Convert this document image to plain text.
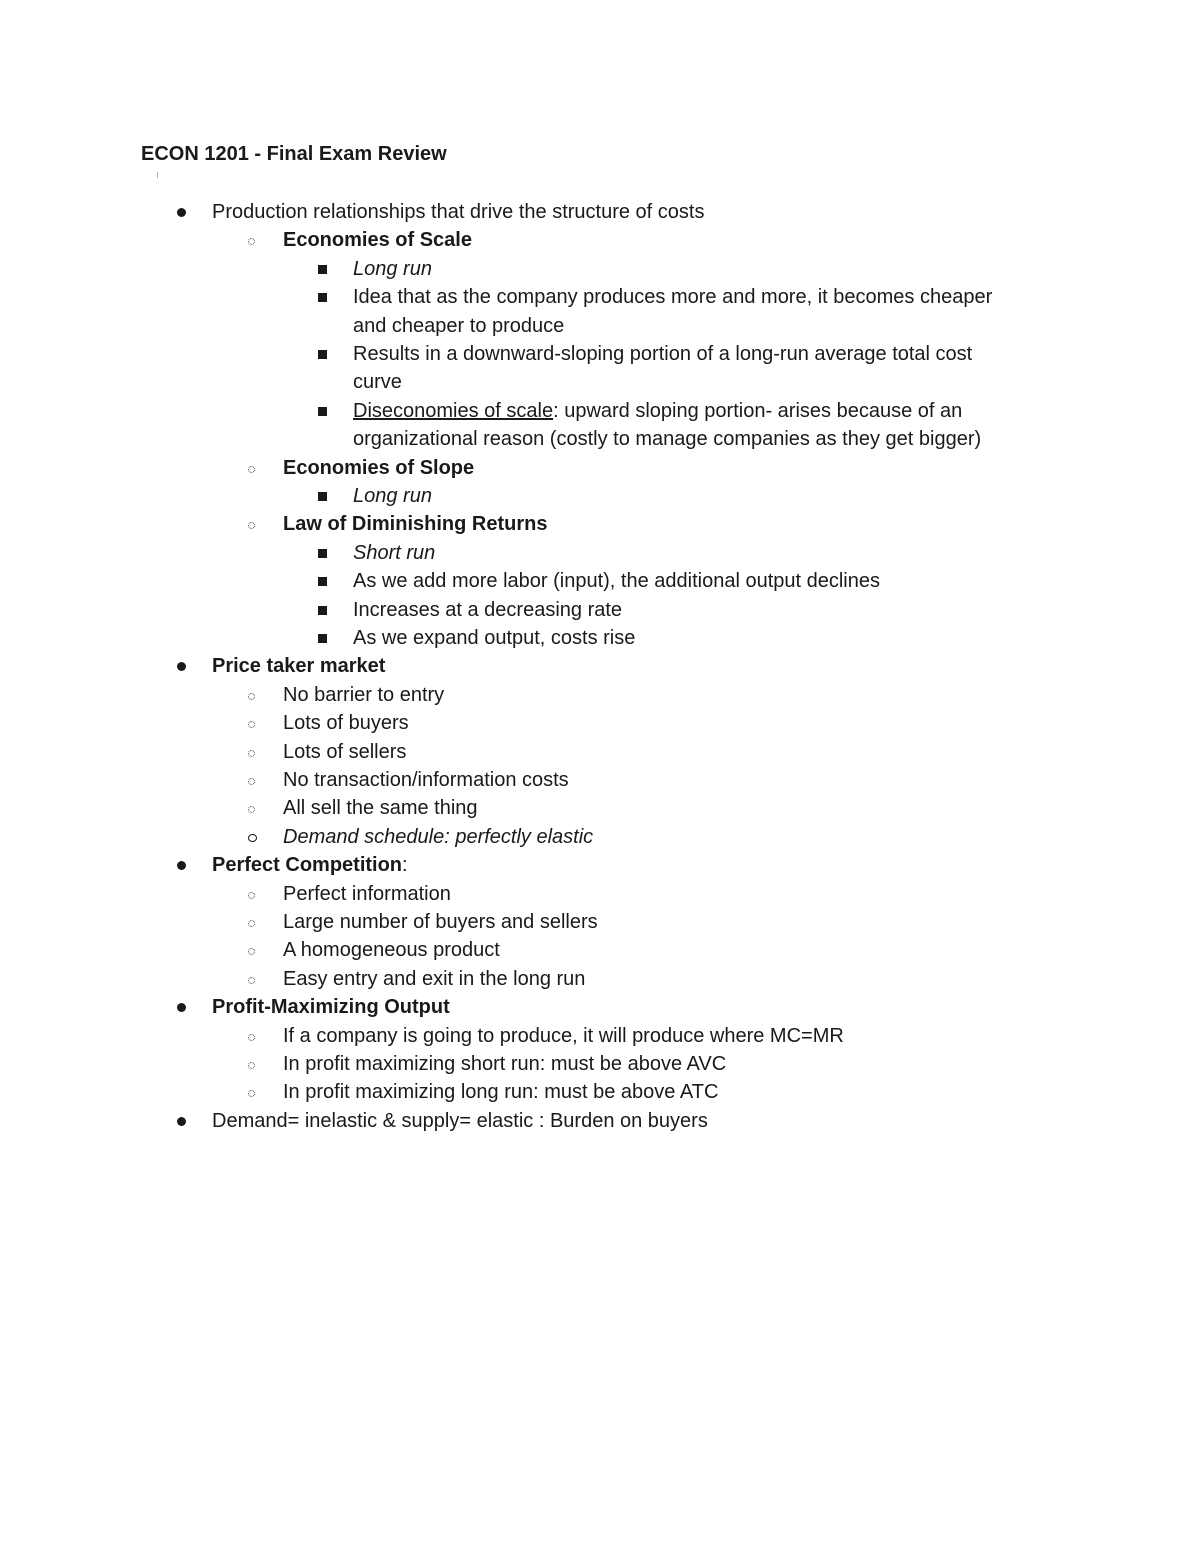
ECON 1201 - Final Exam Review
Production relationships that drive the structure of costs
Economies of Scale
Long run
Idea that as the company produces more and more, it becomes cheaper
and cheaper to produce
Results in a downward-sloping portion of a long-run average total cost
curve
Diseconomies of scale: upward sloping portion- arises because of an
organizational reason (costly to manage companies as they get bigger)
Economies of Slope
Long run
Law of Diminishing Returns
Short run
As we add more labor (input), the additional output declines
Increases at a decreasing rate
As we expand output, costs rise
Price taker market
No barrier to entry
Lots of buyers
Lots of sellers
No transaction/information costs
All sell the same thing
Demand schedule: perfectly elastic
Perfect Competition:
Perfect information
Large number of buyers and sellers
A homogeneous product
Easy entry and exit in the long run
Profit-Maximizing Output
If a company is going to produce, it will produce where MC=MR
In profit maximizing short run: must be above AVC
In profit maximizing long run: must be above ATC
Demand= inelastic & supply= elastic : Burden on buyers
